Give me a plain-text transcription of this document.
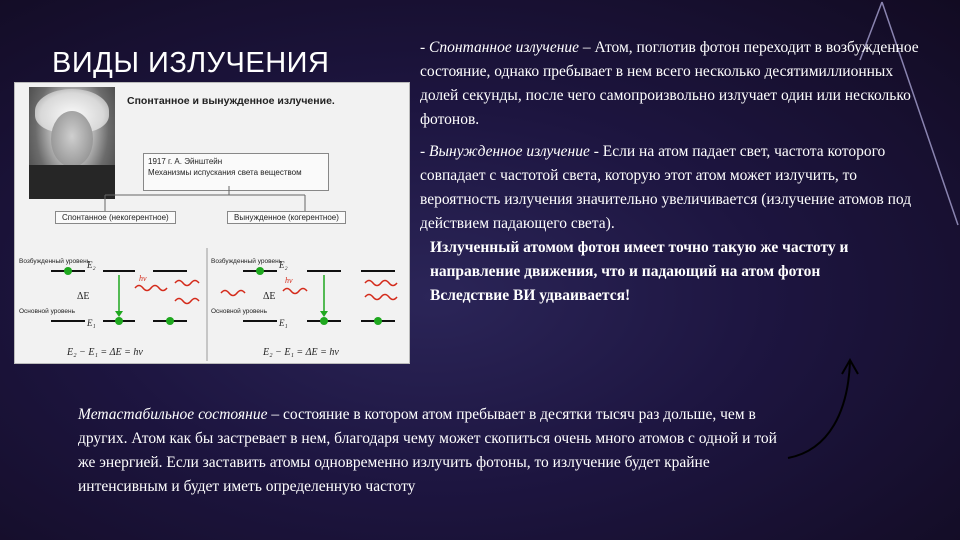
ВИДЫ ИЗЛУЧЕНИЯ
Спонтанное и вынужденное излучение.
1917 г. А. Эйнштейн
Механизмы испускания света веществом
Спонтанное (некогерентное)	Вынужденное (когерентное)
Возбужденный уровень
Основной уровень
E₂
E₁
ΔE
hν
Возбужденный уровень
Основной уровень
E₂
E₁
ΔE
hν
E₂ − E₁ = ΔE = hν	E₂ − E₁ = ΔE = hν

- Спонтанное излучение – Атом, поглотив фотон переходит в возбужденное состояние, однако пребывает в нем всего несколько десятимиллионных долей секунды, после чего самопроизвольно излучает один или несколько фотонов.

- Вынужденное излучение - Если на атом падает свет, частота которого совпадает с частотой света, которую этот атом может излучить, то вероятность излучения значительно увеличивается (излучение атомов под действием падающего света).

Излученный атомом фотон имеет точно такую же частоту и направление движения, что и падающий на атом фотон

Вследствие ВИ удваивается!

Метастабильное состояние – состояние в котором атом пребывает в десятки тысяч раз дольше, чем в других. Атом как бы застревает в нем, благодаря чему может скопиться очень много атомов с одной и той же энергией. Если заставить атомы одновременно излучить фотоны, то излучение будет крайне интенсивным и будет иметь определенную частоту
